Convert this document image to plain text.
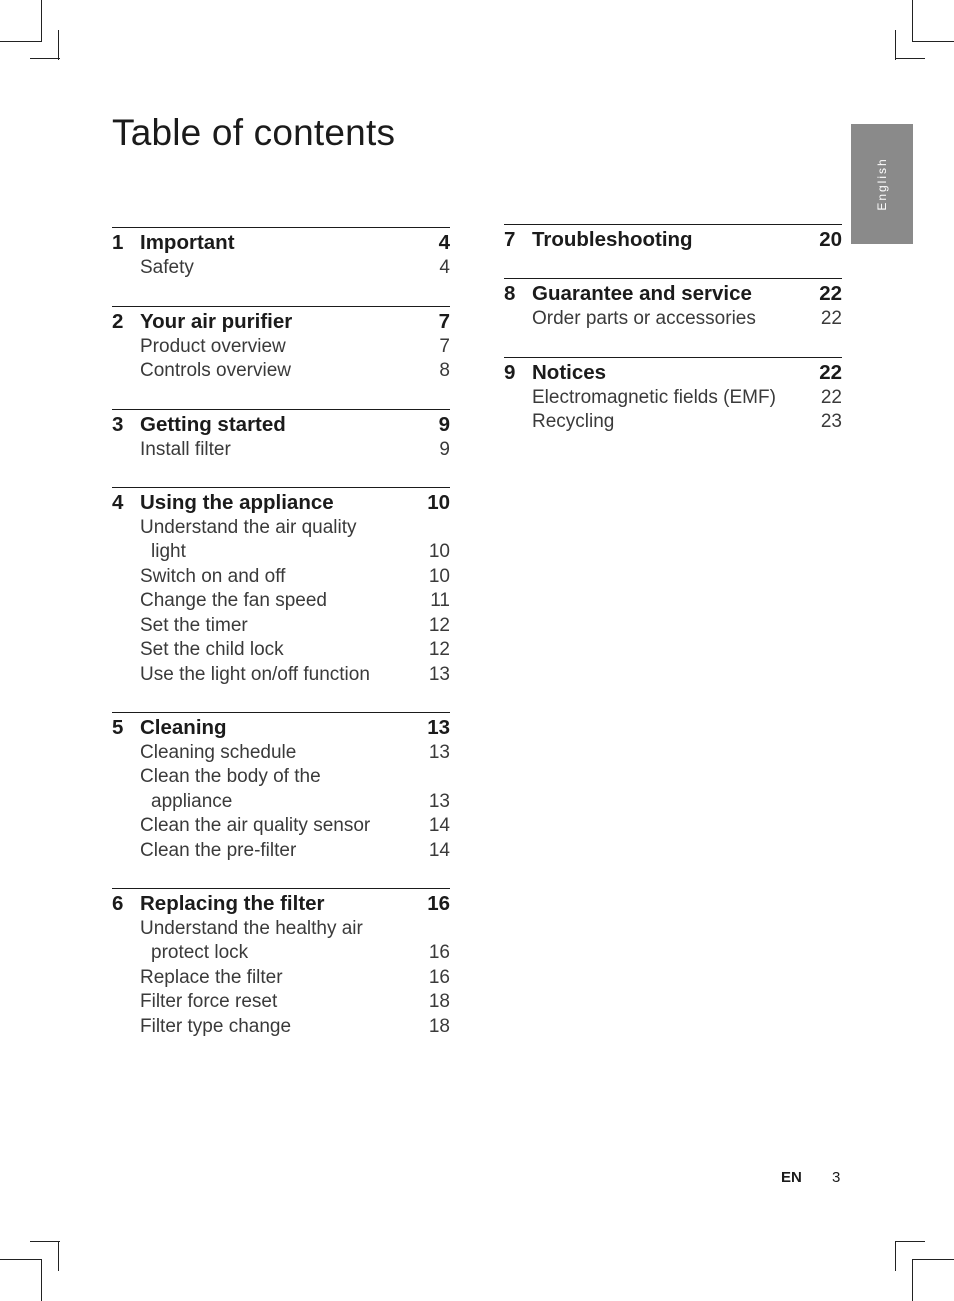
Table of contents
English
1 Important	4
Safety	4
2 Your air purifier	7
Product overview	7
Controls overview	8
3 Getting started	9
Install filter	9
4 Using the appliance	10
Understand the air quality
light	10
Switch on and off	10
Change the fan speed	11
Set the timer	12
Set the child lock	12
Use the light on/off function	13
5 Cleaning	13
Cleaning schedule	13
Clean the body of the
appliance	13
Clean the air quality sensor	14
Clean the pre-filter	14
6 Replacing the filter	16
Understand the healthy air
protect lock	16
Replace the filter	16
Filter force reset	18
Filter type change	18
7 Troubleshooting	20
8 Guarantee and service	22
Order parts or accessories	22
9 Notices	22
Electromagnetic fields (EMF) 22
Recycling	23
EN 3
